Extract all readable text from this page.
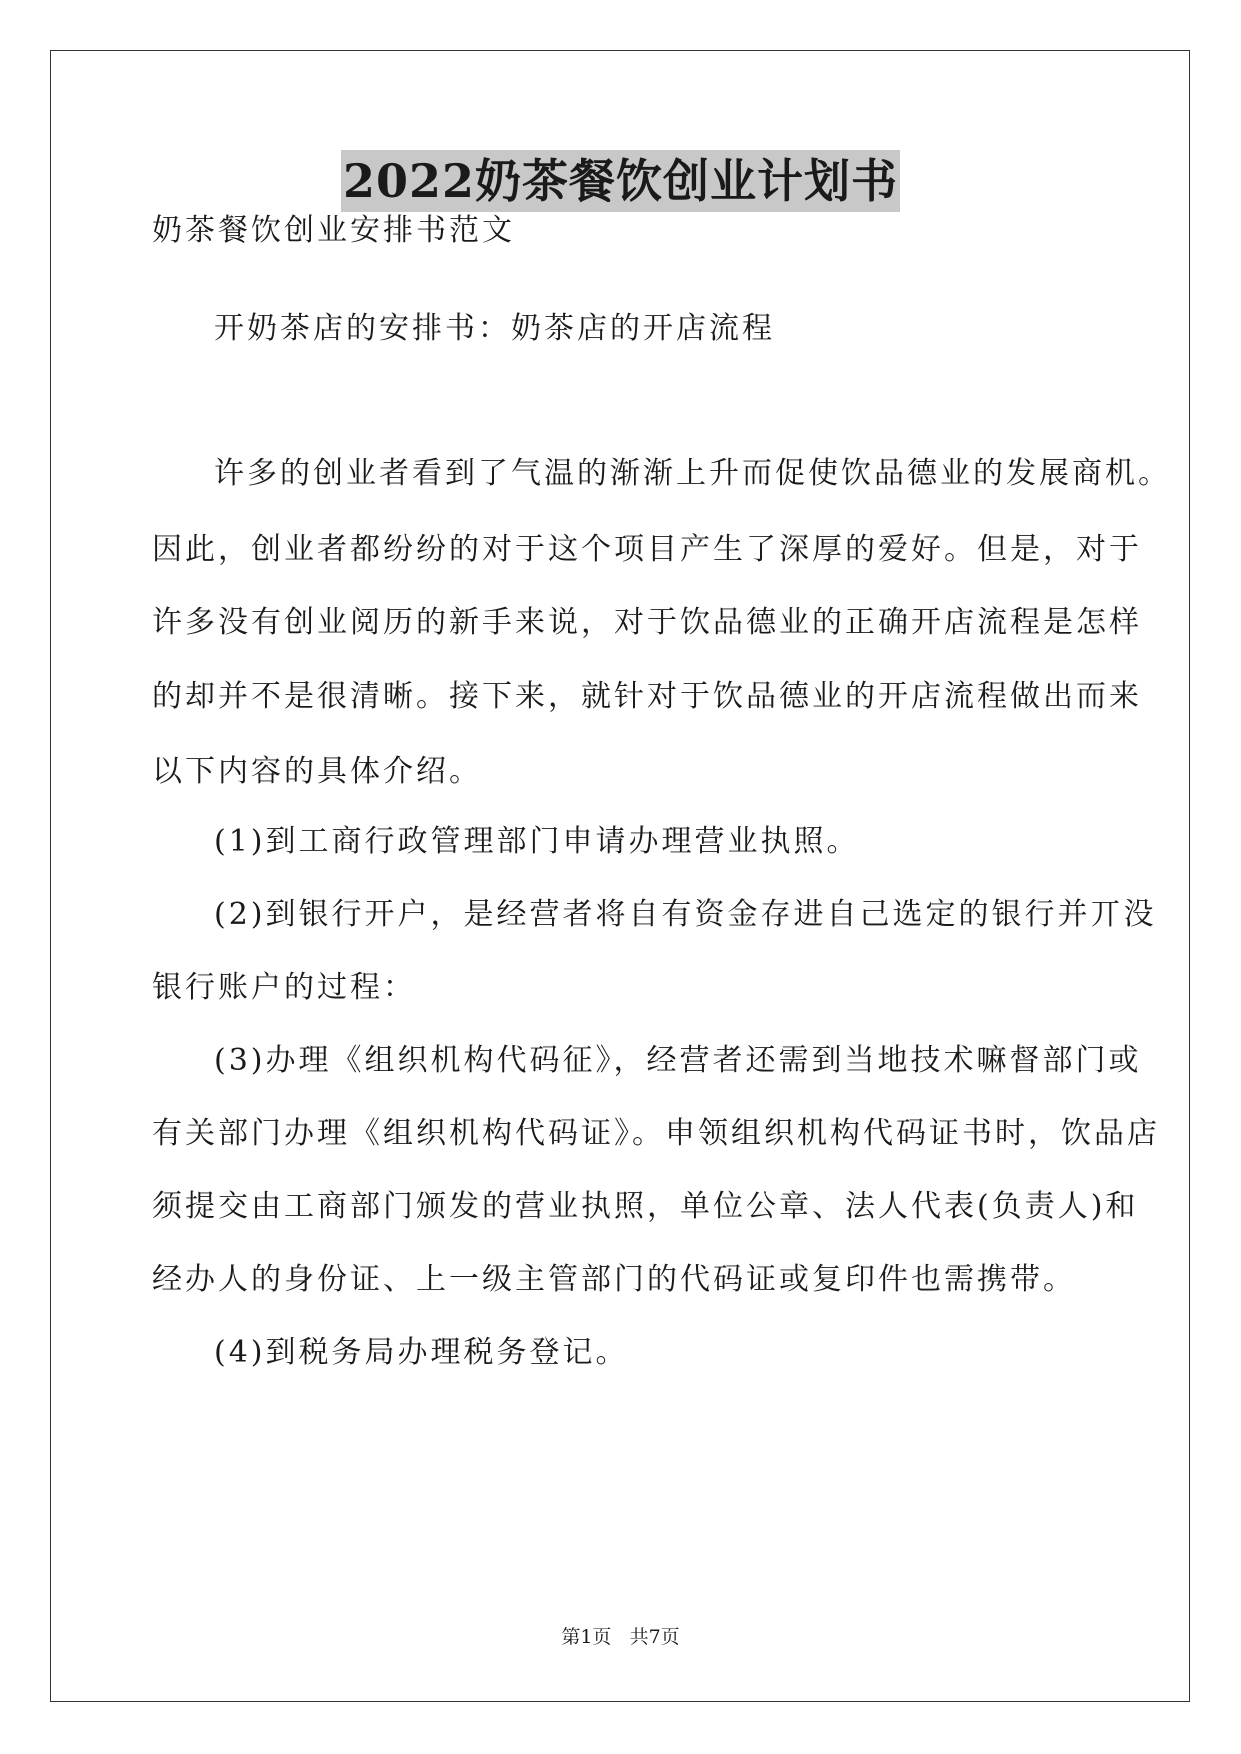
2022奶茶餐饮创业计划书
奶茶餐饮创业安排书范文
开奶茶店的安排书：奶茶店的开店流程
许多的创业者看到了气温的渐渐上升而促使饮品德业的发展商机。
因此，创业者都纷纷的对于这个项目产生了深厚的爱好。但是，对于
许多没有创业阅历的新手来说，对于饮品德业的正确开店流程是怎样
的却并不是很清晰。接下来，就针对于饮品德业的开店流程做出而来
以下内容的具体介绍。
(1)到工商行政管理部门申请办理营业执照。
(2)到银行开户，是经营者将自有资金存进自己选定的银行并丌没
银行账户的过程：
(3)办理《组织机构代码征》，经营者还需到当地技术嘛督部门或
有关部门办理《组织机构代码证》。申领组织机构代码证书时，饮品店
须提交由工商部门颁发的营业执照，单位公章、法人代表(负责人)和
经办人的身份证、上一级主管部门的代码证或复印件也需携带。
(4)到税务局办理税务登记。
第1页 共7页
